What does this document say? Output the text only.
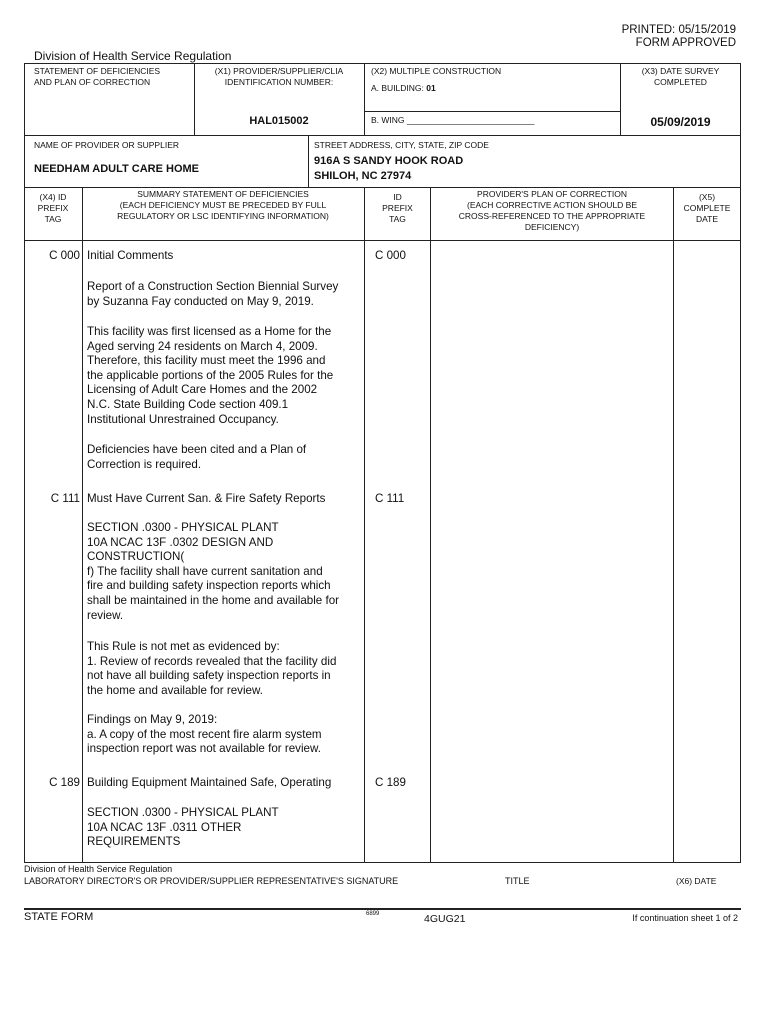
PRINTED: 05/15/2019
FORM APPROVED
Division of Health Service Regulation
STATEMENT OF DEFICIENCIES
AND PLAN OF CORRECTION
(X1) PROVIDER/SUPPLIER/CLIA
IDENTIFICATION NUMBER:
HAL015002
(X2) MULTIPLE CONSTRUCTION
A. BUILDING: 01
B. WING ___________________________
(X3) DATE SURVEY
COMPLETED
05/09/2019
NAME OF PROVIDER OR SUPPLIER
NEEDHAM ADULT CARE HOME
STREET ADDRESS, CITY, STATE, ZIP CODE
916A S SANDY HOOK ROAD
SHILOH, NC 27974
(X4) ID
PREFIX
TAG
SUMMARY STATEMENT OF DEFICIENCIES
(EACH DEFICIENCY MUST BE PRECEDED BY FULL
REGULATORY OR LSC IDENTIFYING INFORMATION)
ID
PREFIX
TAG
PROVIDER'S PLAN OF CORRECTION
(EACH CORRECTIVE ACTION SHOULD BE
CROSS-REFERENCED TO THE APPROPRIATE
DEFICIENCY)
(X5)
COMPLETE
DATE
C 000 Initial Comments	C 000
Report of a Construction Section Biennial Survey
by Suzanna Fay conducted on May 9, 2019.
This facility was first licensed as a Home for the
Aged serving 24 residents on March 4, 2009.
Therefore, this facility must meet the 1996 and
the applicable portions of the 2005 Rules for the
Licensing of Adult Care Homes and the 2002
N.C. State Building Code section 409.1
Institutional Unrestrained Occupancy.
Deficiencies have been cited and a Plan of
Correction is required.
C 111 Must Have Current San. & Fire Safety Reports	C 111
SECTION .0300 - PHYSICAL PLANT
10A NCAC 13F .0302 DESIGN AND
CONSTRUCTION(
f) The facility shall have current sanitation and
fire and building safety inspection reports which
shall be maintained in the home and available for
review.
This Rule is not met as evidenced by:
1. Review of records revealed that the facility did
not have all building safety inspection reports in
the home and available for review.
Findings on May 9, 2019:
a. A copy of the most recent fire alarm system
inspection report was not available for review.
C 189 Building Equipment Maintained Safe, Operating	C 189
SECTION .0300 - PHYSICAL PLANT
10A NCAC 13F .0311 OTHER
REQUIREMENTS
Division of Health Service Regulation
LABORATORY DIRECTOR'S OR PROVIDER/SUPPLIER REPRESENTATIVE'S SIGNATURE	TITLE	(X6) DATE
STATE FORM	6899	4GUG21	If continuation sheet 1 of 2
